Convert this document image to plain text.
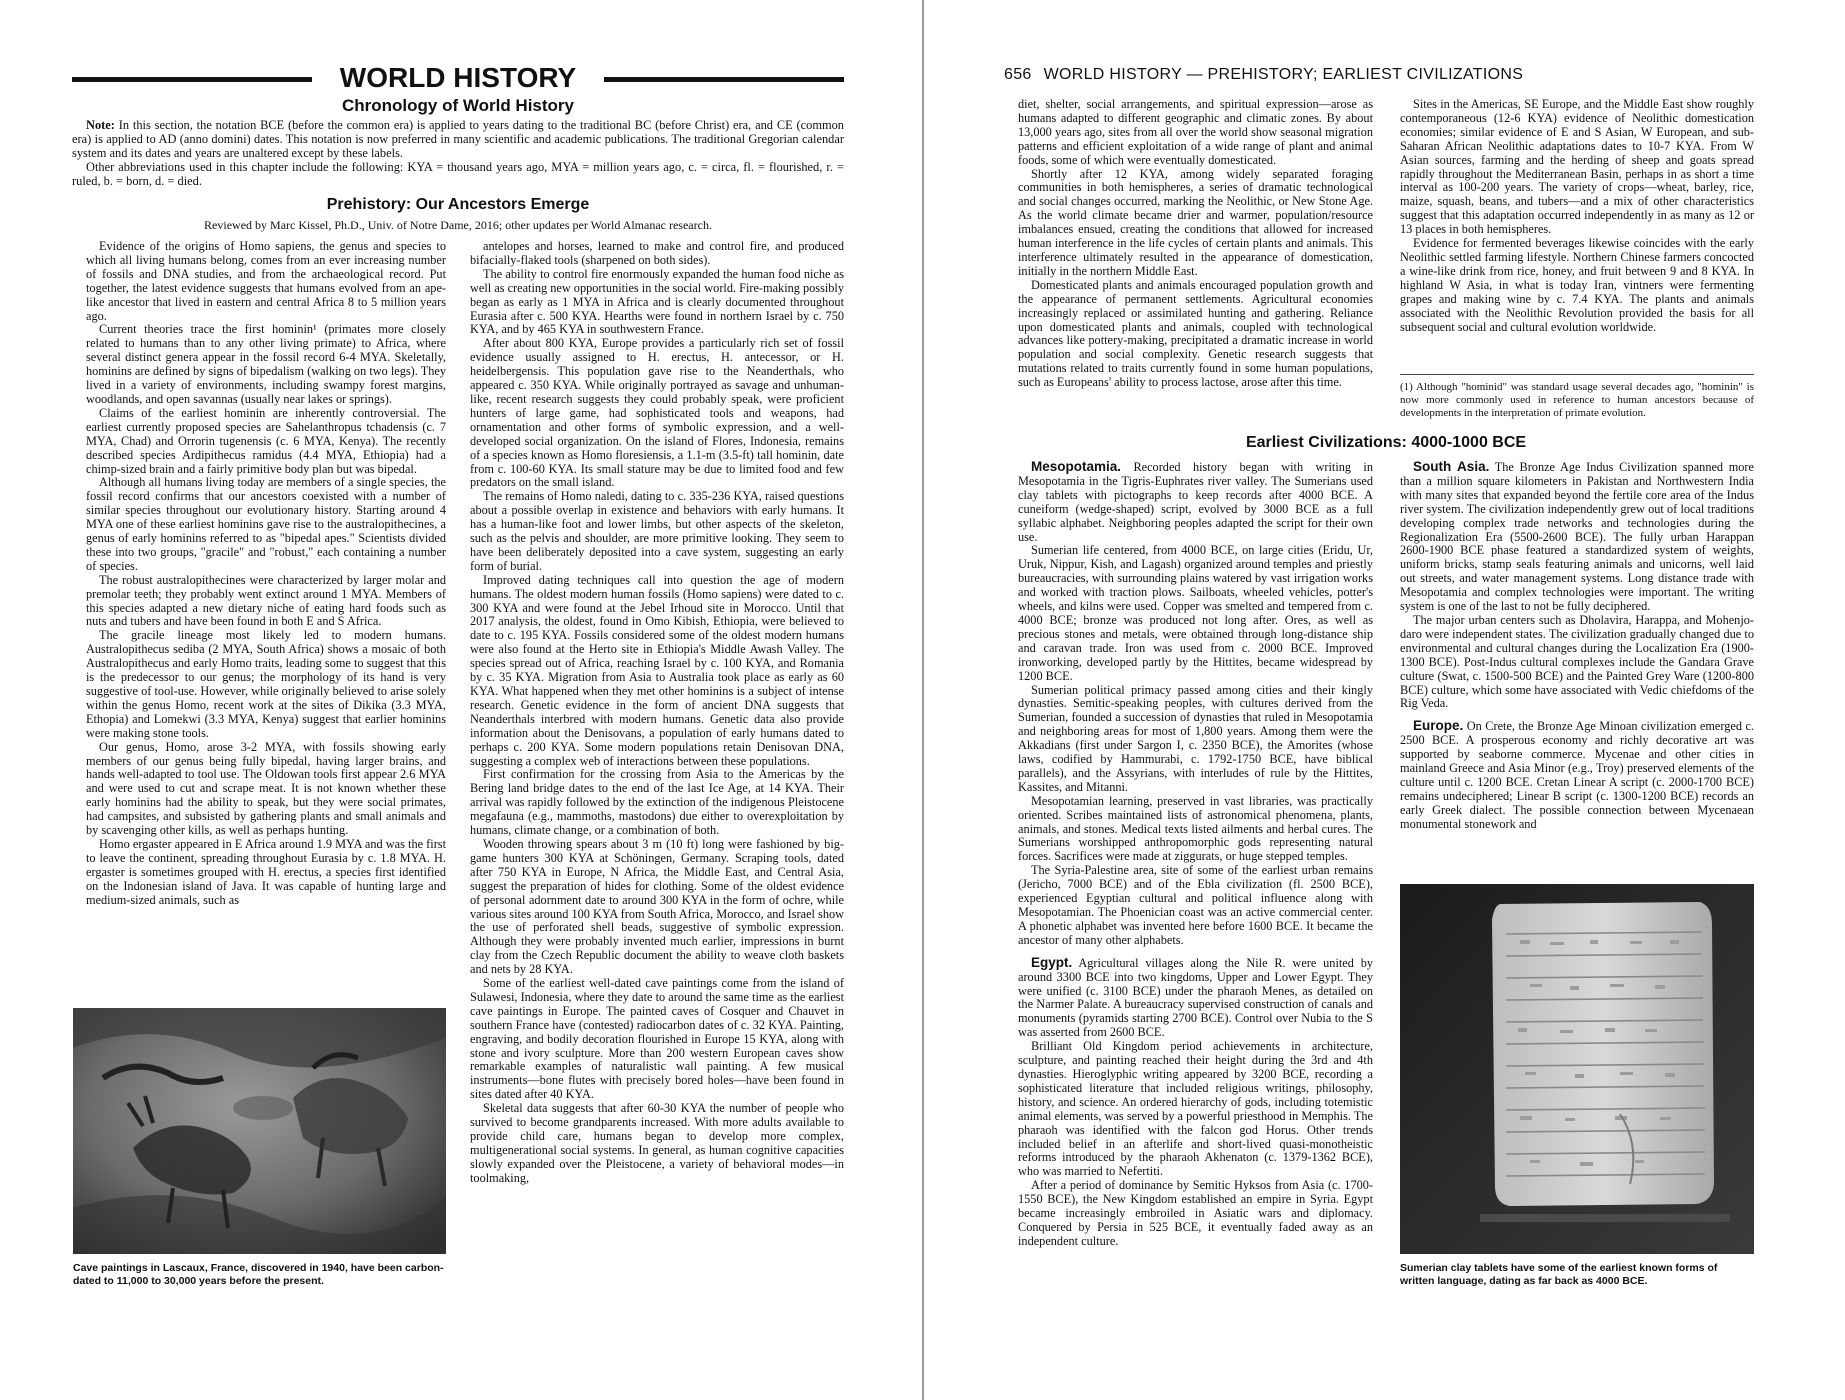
WORLD HISTORY
Chronology of World History

Note: In this section, the notation BCE (before the common era) is applied to years dating to the traditional BC (before Christ) era, and CE (common era) is applied to AD (anno domini) dates. This notation is now preferred in many scientific and academic publications. The traditional Gregorian calendar system and its dates and years are unaltered except by these labels.

Other abbreviations used in this chapter include the following: KYA = thousand years ago, MYA = million years ago, c. = circa, fl. = flourished, r. = ruled, b. = born, d. = died.

Prehistory: Our Ancestors Emerge
Reviewed by Marc Kissel, Ph.D., Univ. of Notre Dame, 2016; other updates per World Almanac research.

Evidence of the origins of Homo sapiens, the genus and species to which all living humans belong, comes from an ever increasing number of fossils and DNA studies, and from the archaeological record. Put together, the latest evidence suggests that humans evolved from an ape-like ancestor that lived in eastern and central Africa 8 to 5 million years ago.

Current theories trace the first hominin¹ (primates more closely related to humans than to any other living primate) to Africa, where several distinct genera appear in the fossil record 6-4 MYA. Skeletally, hominins are defined by signs of bipedalism (walking on two legs). They lived in a variety of environments, including swampy forest margins, woodlands, and open savannas (usually near lakes or springs).

Claims of the earliest hominin are inherently controversial. The earliest currently proposed species are Sahelanthropus tchadensis (c. 7 MYA, Chad) and Orrorin tugenensis (c. 6 MYA, Kenya). The recently described species Ardipithecus ramidus (4.4 MYA, Ethiopia) had a chimp-sized brain and a fairly primitive body plan but was bipedal.

Although all humans living today are members of a single species, the fossil record confirms that our ancestors coexisted with a number of similar species throughout our evolutionary history. Starting around 4 MYA one of these earliest hominins gave rise to the australopithecines, a genus of early hominins referred to as "bipedal apes." Scientists divided these into two groups, "gracile" and "robust," each containing a number of species.

The robust australopithecines were characterized by larger molar and premolar teeth; they probably went extinct around 1 MYA. Members of this species adapted a new dietary niche of eating hard foods such as nuts and tubers and have been found in both E and S Africa.

The gracile lineage most likely led to modern humans. Australopithecus sediba (2 MYA, South Africa) shows a mosaic of both Australopithecus and early Homo traits, leading some to suggest that this is the predecessor to our genus; the morphology of its hand is very suggestive of tool-use. However, while originally believed to arise solely within the genus Homo, recent work at the sites of Dikika (3.3 MYA, Ethopia) and Lomekwi (3.3 MYA, Kenya) suggest that earlier hominins were making stone tools.

Our genus, Homo, arose 3-2 MYA, with fossils showing early members of our genus being fully bipedal, having larger brains, and hands well-adapted to tool use. The Oldowan tools first appear 2.6 MYA and were used to cut and scrape meat. It is not known whether these early hominins had the ability to speak, but they were social primates, had campsites, and subsisted by gathering plants and small animals and by scavenging other kills, as well as perhaps hunting.

Homo ergaster appeared in E Africa around 1.9 MYA and was the first to leave the continent, spreading throughout Eurasia by c. 1.8 MYA. H. ergaster is sometimes grouped with H. erectus, a species first identified on the Indonesian island of Java. It was capable of hunting large and medium-sized animals, such as

antelopes and horses, learned to make and control fire, and produced bifacially-flaked tools (sharpened on both sides).

The ability to control fire enormously expanded the human food niche as well as creating new opportunities in the social world. Fire-making possibly began as early as 1 MYA in Africa and is clearly documented throughout Eurasia after c. 500 KYA. Hearths were found in northern Israel by c. 750 KYA, and by 465 KYA in southwestern France.

After about 800 KYA, Europe provides a particularly rich set of fossil evidence usually assigned to H. erectus, H. antecessor, or H. heidelbergensis. This population gave rise to the Neanderthals, who appeared c. 350 KYA. While originally portrayed as savage and unhuman-like, recent research suggests they could probably speak, were proficient hunters of large game, had sophisticated tools and weapons, had ornamentation and other forms of symbolic expression, and a well-developed social organization. On the island of Flores, Indonesia, remains of a species known as Homo floresiensis, a 1.1-m (3.5-ft) tall hominin, date from c. 100-60 KYA. Its small stature may be due to limited food and few predators on the small island.

The remains of Homo naledi, dating to c. 335-236 KYA, raised questions about a possible overlap in existence and behaviors with early humans. It has a human-like foot and lower limbs, but other aspects of the skeleton, such as the pelvis and shoulder, are more primitive looking. They seem to have been deliberately deposited into a cave system, suggesting an early form of burial.

Improved dating techniques call into question the age of modern humans. The oldest modern human fossils (Homo sapiens) were dated to c. 300 KYA and were found at the Jebel Irhoud site in Morocco. Until that 2017 analysis, the oldest, found in Omo Kibish, Ethiopia, were believed to date to c. 195 KYA. Fossils considered some of the oldest modern humans were also found at the Herto site in Ethiopia's Middle Awash Valley. The species spread out of Africa, reaching Israel by c. 100 KYA, and Romania by c. 35 KYA. Migration from Asia to Australia took place as early as 60 KYA. What happened when they met other hominins is a subject of intense research. Genetic evidence in the form of ancient DNA suggests that Neanderthals interbred with modern humans. Genetic data also provide information about the Denisovans, a population of early humans dated to perhaps c. 200 KYA. Some modern populations retain Denisovan DNA, suggesting a complex web of interactions between these populations.

First confirmation for the crossing from Asia to the Americas by the Bering land bridge dates to the end of the last Ice Age, at 14 KYA. Their arrival was rapidly followed by the extinction of the indigenous Pleistocene megafauna (e.g., mammoths, mastodons) due either to overexploitation by humans, climate change, or a combination of both.

Wooden throwing spears about 3 m (10 ft) long were fashioned by big-game hunters 300 KYA at Schöningen, Germany. Scraping tools, dated after 750 KYA in Europe, N Africa, the Middle East, and Central Asia, suggest the preparation of hides for clothing. Some of the oldest evidence of personal adornment date to around 300 KYA in the form of ochre, while various sites around 100 KYA from South Africa, Morocco, and Israel show the use of perforated shell beads, suggestive of symbolic expression. Although they were probably invented much earlier, impressions in burnt clay from the Czech Republic document the ability to weave cloth baskets and nets by 28 KYA.

Some of the earliest well-dated cave paintings come from the island of Sulawesi, Indonesia, where they date to around the same time as the earliest cave paintings in Europe. The painted caves of Cosquer and Chauvet in southern France have (contested) radiocarbon dates of c. 32 KYA. Painting, engraving, and bodily decoration flourished in Europe 15 KYA, along with stone and ivory sculpture. More than 200 western European caves show remarkable examples of naturalistic wall painting. A few musical instruments—bone flutes with precisely bored holes—have been found in sites dated after 40 KYA.

Skeletal data suggests that after 60-30 KYA the number of people who survived to become grandparents increased. With more adults available to provide child care, humans began to develop more complex, multigenerational social systems. In general, as human cognitive capacities slowly expanded over the Pleistocene, a variety of behavioral modes—in toolmaking,

Cave paintings in Lascaux, France, discovered in 1940, have been carbon-dated to 11,000 to 30,000 years before the present.
656 WORLD HISTORY — PREHISTORY; EARLIEST CIVILIZATIONS

diet, shelter, social arrangements, and spiritual expression—arose as humans adapted to different geographic and climatic zones. By about 13,000 years ago, sites from all over the world show seasonal migration patterns and efficient exploitation of a wide range of plant and animal foods, some of which were eventually domesticated.

Shortly after 12 KYA, among widely separated foraging communities in both hemispheres, a series of dramatic technological and social changes occurred, marking the Neolithic, or New Stone Age. As the world climate became drier and warmer, population/resource imbalances ensued, creating the conditions that allowed for increased human interference in the life cycles of certain plants and animals. This interference ultimately resulted in the appearance of domestication, initially in the northern Middle East.

Domesticated plants and animals encouraged population growth and the appearance of permanent settlements. Agricultural economies increasingly replaced or assimilated hunting and gathering. Reliance upon domesticated plants and animals, coupled with technological advances like pottery-making, precipitated a dramatic increase in world population and social complexity. Genetic research suggests that mutations related to traits currently found in some human populations, such as Europeans' ability to process lactose, arose after this time.

Sites in the Americas, SE Europe, and the Middle East show roughly contemporaneous (12-6 KYA) evidence of Neolithic domestication economies; similar evidence of E and S Asian, W European, and sub-Saharan African Neolithic adaptations dates to 10-7 KYA. From W Asian sources, farming and the herding of sheep and goats spread rapidly throughout the Mediterranean Basin, perhaps in as short a time interval as 100-200 years. The variety of crops—wheat, barley, rice, maize, squash, beans, and tubers—and a mix of other characteristics suggest that this adaptation occurred independently in as many as 12 or 13 places in both hemispheres.

Evidence for fermented beverages likewise coincides with the early Neolithic settled farming lifestyle. Northern Chinese farmers concocted a wine-like drink from rice, honey, and fruit between 9 and 8 KYA. In highland W Asia, in what is today Iran, vintners were fermenting grapes and making wine by c. 7.4 KYA. The plants and animals associated with the Neolithic Revolution provided the basis for all subsequent social and cultural evolution worldwide.

(1) Although "hominid" was standard usage several decades ago, "hominin" is now more commonly used in reference to human ancestors because of developments in the interpretation of primate evolution.
Earliest Civilizations: 4000-1000 BCE

Mesopotamia. Recorded history began with writing in Mesopotamia in the Tigris-Euphrates river valley. The Sumerians used clay tablets with pictographs to keep records after 4000 BCE. A cuneiform (wedge-shaped) script, evolved by 3000 BCE as a full syllabic alphabet. Neighboring peoples adapted the script for their own use.

Sumerian life centered, from 4000 BCE, on large cities (Eridu, Ur, Uruk, Nippur, Kish, and Lagash) organized around temples and priestly bureaucracies, with surrounding plains watered by vast irrigation works and worked with traction plows. Sailboats, wheeled vehicles, potter's wheels, and kilns were used. Copper was smelted and tempered from c. 4000 BCE; bronze was produced not long after. Ores, as well as precious stones and metals, were obtained through long-distance ship and caravan trade. Iron was used from c. 2000 BCE. Improved ironworking, developed partly by the Hittites, became widespread by 1200 BCE.

Sumerian political primacy passed among cities and their kingly dynasties. Semitic-speaking peoples, with cultures derived from the Sumerian, founded a succession of dynasties that ruled in Mesopotamia and neighboring areas for most of 1,800 years. Among them were the Akkadians (first under Sargon I, c. 2350 BCE), the Amorites (whose laws, codified by Hammurabi, c. 1792-1750 BCE, have biblical parallels), and the Assyrians, with interludes of rule by the Hittites, Kassites, and Mitanni.

Mesopotamian learning, preserved in vast libraries, was practically oriented. Scribes maintained lists of astronomical phenomena, plants, animals, and stones. Medical texts listed ailments and herbal cures. The Sumerians worshipped anthropomorphic gods representing natural forces. Sacrifices were made at ziggurats, or huge stepped temples.

The Syria-Palestine area, site of some of the earliest urban remains (Jericho, 7000 BCE) and of the Ebla civilization (fl. 2500 BCE), experienced Egyptian cultural and political influence along with Mesopotamian. The Phoenician coast was an active commercial center. A phonetic alphabet was invented here before 1600 BCE. It became the ancestor of many other alphabets.

Egypt. Agricultural villages along the Nile R. were united by around 3300 BCE into two kingdoms, Upper and Lower Egypt. They were unified (c. 3100 BCE) under the pharaoh Menes, as detailed on the Narmer Palate. A bureaucracy supervised construction of canals and monuments (pyramids starting 2700 BCE). Control over Nubia to the S was asserted from 2600 BCE.

Brilliant Old Kingdom period achievements in architecture, sculpture, and painting reached their height during the 3rd and 4th dynasties. Hieroglyphic writing appeared by 3200 BCE, recording a sophisticated literature that included religious writings, philosophy, history, and science. An ordered hierarchy of gods, including totemistic animal elements, was served by a powerful priesthood in Memphis. The pharaoh was identified with the falcon god Horus. Other trends included belief in an afterlife and short-lived quasi-monotheistic reforms introduced by the pharaoh Akhenaton (c. 1379-1362 BCE), who was married to Nefertiti.

After a period of dominance by Semitic Hyksos from Asia (c. 1700-1550 BCE), the New Kingdom established an empire in Syria. Egypt became increasingly embroiled in Asiatic wars and diplomacy. Conquered by Persia in 525 BCE, it eventually faded away as an independent culture.

South Asia. The Bronze Age Indus Civilization spanned more than a million square kilometers in Pakistan and Northwestern India with many sites that expanded beyond the fertile core area of the Indus river system. The civilization independently grew out of local traditions developing complex trade networks and technologies during the Regionalization Era (5500-2600 BCE). The fully urban Harappan 2600-1900 BCE phase featured a standardized system of weights, uniform bricks, stamp seals featuring animals and unicorns, well laid out streets, and water management systems. Long distance trade with Mesopotamia and complex technologies were important. The writing system is one of the last to not be fully deciphered.

The major urban centers such as Dholavira, Harappa, and Mohenjo-daro were independent states. The civilization gradually changed due to environmental and cultural changes during the Localization Era (1900-1300 BCE). Post-Indus cultural complexes include the Gandara Grave culture (Swat, c. 1500-500 BCE) and the Painted Grey Ware (1200-800 BCE) culture, which some have associated with Vedic chiefdoms of the Rig Veda.

Europe. On Crete, the Bronze Age Minoan civilization emerged c. 2500 BCE. A prosperous economy and richly decorative art was supported by seaborne commerce. Mycenae and other cities in mainland Greece and Asia Minor (e.g., Troy) preserved elements of the culture until c. 1200 BCE. Cretan Linear A script (c. 2000-1700 BCE) remains undeciphered; Linear B script (c. 1300-1200 BCE) records an early Greek dialect. The possible connection between Mycenaean monumental stonework and

Sumerian clay tablets have some of the earliest known forms of written language, dating as far back as 4000 BCE.
